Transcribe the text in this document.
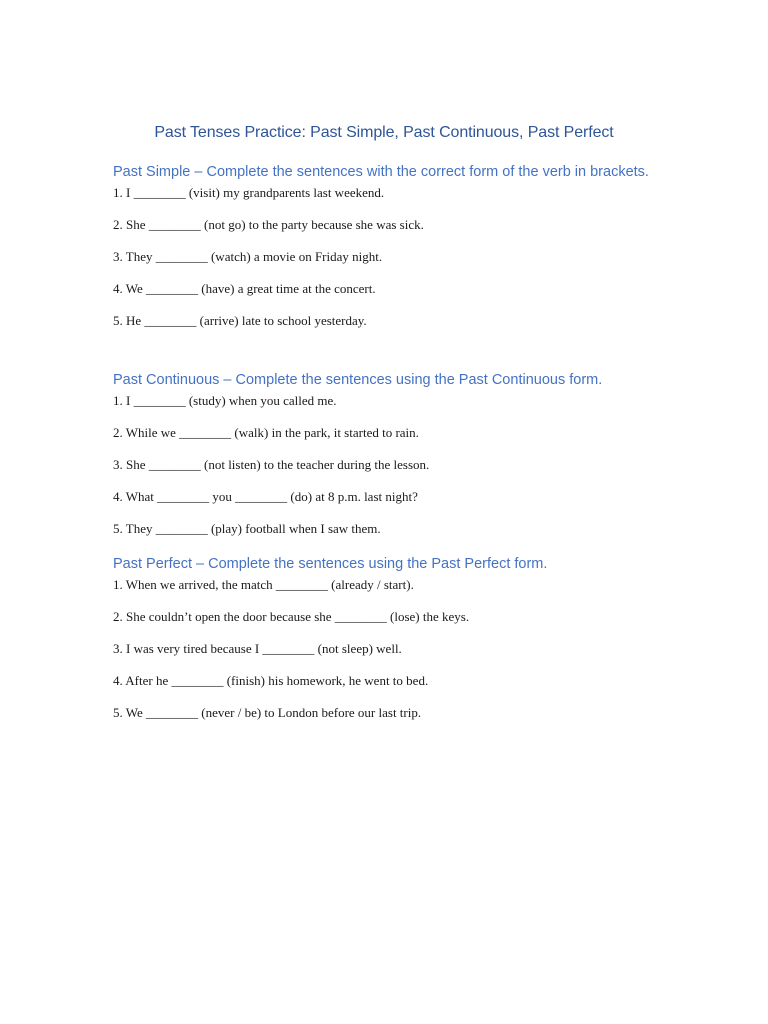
Past Tenses Practice: Past Simple, Past Continuous, Past Perfect
Past Simple – Complete the sentences with the correct form of the verb in brackets.
1. I ________ (visit) my grandparents last weekend.
2. She ________ (not go) to the party because she was sick.
3. They ________ (watch) a movie on Friday night.
4. We ________ (have) a great time at the concert.
5. He ________ (arrive) late to school yesterday.
Past Continuous – Complete the sentences using the Past Continuous form.
1. I ________ (study) when you called me.
2. While we ________ (walk) in the park, it started to rain.
3. She ________ (not listen) to the teacher during the lesson.
4. What ________ you ________ (do) at 8 p.m. last night?
5. They ________ (play) football when I saw them.
Past Perfect – Complete the sentences using the Past Perfect form.
1. When we arrived, the match ________ (already / start).
2. She couldn’t open the door because she ________ (lose) the keys.
3. I was very tired because I ________ (not sleep) well.
4. After he ________ (finish) his homework, he went to bed.
5. We ________ (never / be) to London before our last trip.
